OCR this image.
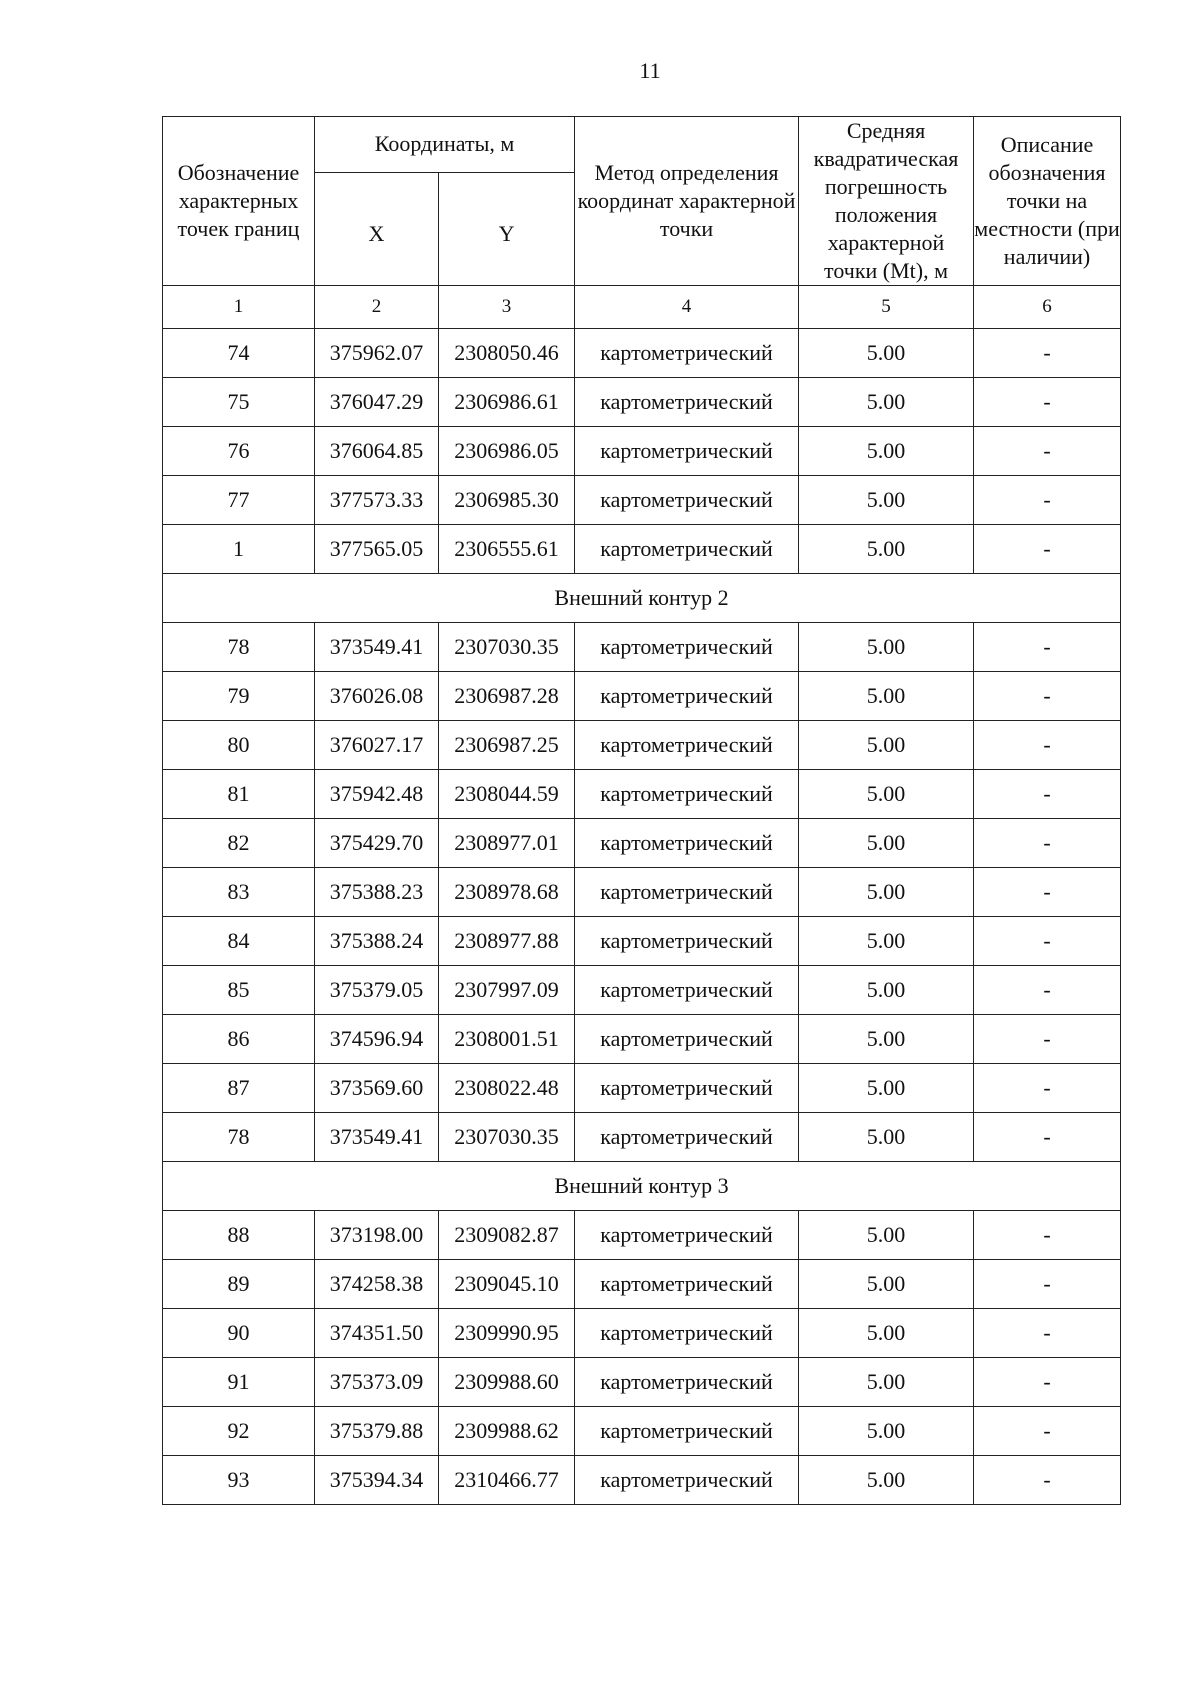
11
Обозначение характерных точек границ	Координаты, м		Метод определения координат характерной точки	Средняя квадратическая погрешность положения характерной точки (Mt), м	Описание обозначения точки на местности (при наличии)
	X	Y			
1	2	3	4	5	6
74	375962.07	2308050.46	картометрический	5.00	-
75	376047.29	2306986.61	картометрический	5.00	-
76	376064.85	2306986.05	картометрический	5.00	-
77	377573.33	2306985.30	картометрический	5.00	-
1	377565.05	2306555.61	картометрический	5.00	-
Внешний контур 2					
78	373549.41	2307030.35	картометрический	5.00	-
79	376026.08	2306987.28	картометрический	5.00	-
80	376027.17	2306987.25	картометрический	5.00	-
81	375942.48	2308044.59	картометрический	5.00	-
82	375429.70	2308977.01	картометрический	5.00	-
83	375388.23	2308978.68	картометрический	5.00	-
84	375388.24	2308977.88	картометрический	5.00	-
85	375379.05	2307997.09	картометрический	5.00	-
86	374596.94	2308001.51	картометрический	5.00	-
87	373569.60	2308022.48	картометрический	5.00	-
78	373549.41	2307030.35	картометрический	5.00	-
Внешний контур 3					
88	373198.00	2309082.87	картометрический	5.00	-
89	374258.38	2309045.10	картометрический	5.00	-
90	374351.50	2309990.95	картометрический	5.00	-
91	375373.09	2309988.60	картометрический	5.00	-
92	375379.88	2309988.62	картометрический	5.00	-
93	375394.34	2310466.77	картометрический	5.00	-
